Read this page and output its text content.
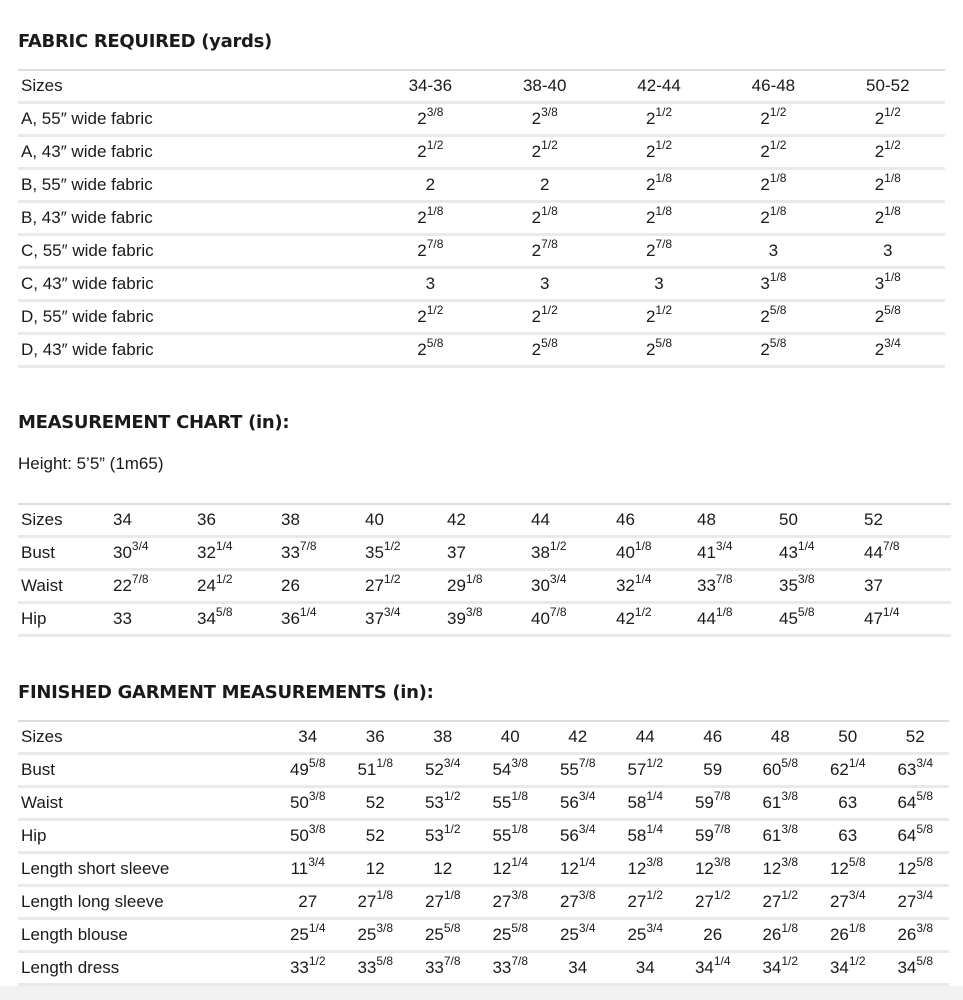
FABRIC REQUIRED (yards)
Sizes	34-36	38-40	42-44	46-48	50-52
A, 55″ wide fabric	$2^{3/8}$	$2^{3/8}$	$2^{1/2}$	$2^{1/2}$	$2^{1/2}$
A, 43″ wide fabric	$2^{1/2}$	$2^{1/2}$	$2^{1/2}$	$2^{1/2}$	$2^{1/2}$
B, 55″ wide fabric	2	2	$2^{1/8}$	$2^{1/8}$	$2^{1/8}$
B, 43″ wide fabric	$2^{1/8}$	$2^{1/8}$	$2^{1/8}$	$2^{1/8}$	$2^{1/8}$
C, 55″ wide fabric	$2^{7/8}$	$2^{7/8}$	$2^{7/8}$	3	3
C, 43″ wide fabric	3	3	3	$3^{1/8}$	$3^{1/8}$
D, 55″ wide fabric	$2^{1/2}$	$2^{1/2}$	$2^{1/2}$	$2^{5/8}$	$2^{5/8}$
D, 43″ wide fabric	$2^{5/8}$	$2^{5/8}$	$2^{5/8}$	$2^{5/8}$	$2^{3/4}$
MEASUREMENT CHART (in):
Height: 5’5” (1m65)
Sizes	34	36	38	40	42	44	46	48	50	52
Bust	$30^{3/4}$	$32^{1/4}$	$33^{7/8}$	$35^{1/2}$	37	$38^{1/2}$	$40^{1/8}$	$41^{3/4}$	$43^{1/4}$	$44^{7/8}$
Waist	$22^{7/8}$	$24^{1/2}$	26	$27^{1/2}$	$29^{1/8}$	$30^{3/4}$	$32^{1/4}$	$33^{7/8}$	$35^{3/8}$	37
Hip	33	$34^{5/8}$	$36^{1/4}$	$37^{3/4}$	$39^{3/8}$	$40^{7/8}$	$42^{1/2}$	$44^{1/8}$	$45^{5/8}$	$47^{1/4}$
FINISHED GARMENT MEASUREMENTS (in):
Sizes	34	36	38	40	42	44	46	48	50	52
Bust	$49^{5/8}$	$51^{1/8}$	$52^{3/4}$	$54^{3/8}$	$55^{7/8}$	$57^{1/2}$	59	$60^{5/8}$	$62^{1/4}$	$63^{3/4}$
Waist	$50^{3/8}$	52	$53^{1/2}$	$55^{1/8}$	$56^{3/4}$	$58^{1/4}$	$59^{7/8}$	$61^{3/8}$	63	$64^{5/8}$
Hip	$50^{3/8}$	52	$53^{1/2}$	$55^{1/8}$	$56^{3/4}$	$58^{1/4}$	$59^{7/8}$	$61^{3/8}$	63	$64^{5/8}$
Length short sleeve	$11^{3/4}$	12	12	$12^{1/4}$	$12^{1/4}$	$12^{3/8}$	$12^{3/8}$	$12^{3/8}$	$12^{5/8}$	$12^{5/8}$
Length long sleeve	27	$27^{1/8}$	$27^{1/8}$	$27^{3/8}$	$27^{3/8}$	$27^{1/2}$	$27^{1/2}$	$27^{1/2}$	$27^{3/4}$	$27^{3/4}$
Length blouse	$25^{1/4}$	$25^{3/8}$	$25^{5/8}$	$25^{5/8}$	$25^{3/4}$	$25^{3/4}$	26	$26^{1/8}$	$26^{1/8}$	$26^{3/8}$
Length dress	$33^{1/2}$	$33^{5/8}$	$33^{7/8}$	$33^{7/8}$	34	34	$34^{1/4}$	$34^{1/2}$	$34^{1/2}$	$34^{5/8}$
